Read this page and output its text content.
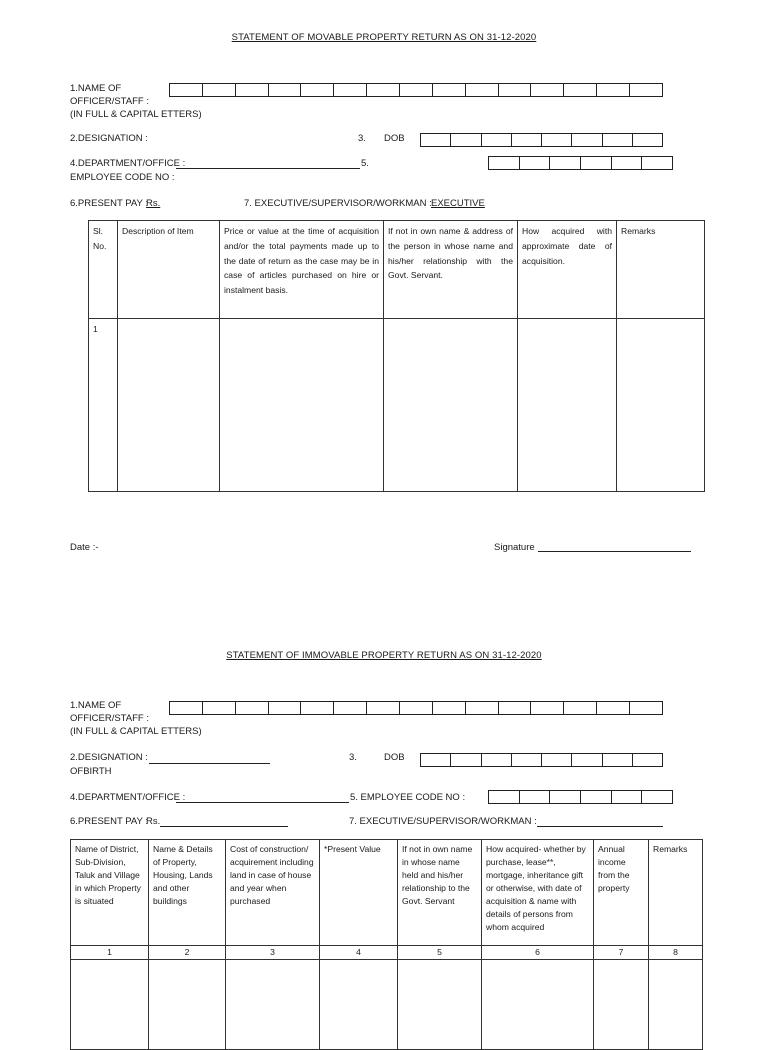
STATEMENT OF MOVABLE PROPERTY RETURN AS ON 31-12-2020
1.NAME OF
OFFICER/STAFF :
(IN FULL & CAPITAL ETTERS)
2.DESIGNATION :	3. DOB
4.DEPARTMENT/OFFICE :	5.
EMPLOYEE CODE NO :
6.PRESENT PAY :
Rs.	7. EXECUTIVE/SUPERVISOR/WORKMAN : EXECUTIVE
Sl. No.	Description of Item	Price or value at the time of acquisition and/or the total payments made up to the date of return as the case may be in case of articles purchased on hire or instalment basis.	If not in own name & address of the person in whose name and his/her relationship with the Govt. Servant.	How acquired with approximate date of acquisition.	Remarks
1					
Date :-	Signature
STATEMENT OF IMMOVABLE PROPERTY RETURN AS ON 31-12-2020
1.NAME OF
OFFICER/STAFF :
(IN FULL & CAPITAL ETTERS)
2.DESIGNATION :
OFBIRTH
3.	DOB
4.DEPARTMENT/OFFICE :	5. EMPLOYEE CODE NO :
6.PRESENT PAY :
Rs.	7. EXECUTIVE/SUPERVISOR/WORKMAN :
Name of District, Sub-Division, Taluk and Village in which Property is situated	Name & Details of Property, Housing, Lands and other buildings	Cost of construction/ acquirement including land in case of house and year when purchased	*Present Value	If not in own name in whose name held and his/her relationship to the Govt. Servant	How acquired- whether by purchase, lease**, mortgage, inheritance gift or otherwise, with date of acquisition & name with details of persons from whom acquired	Annual income from the property	Remarks
1	2	3	4	5	6	7	8
